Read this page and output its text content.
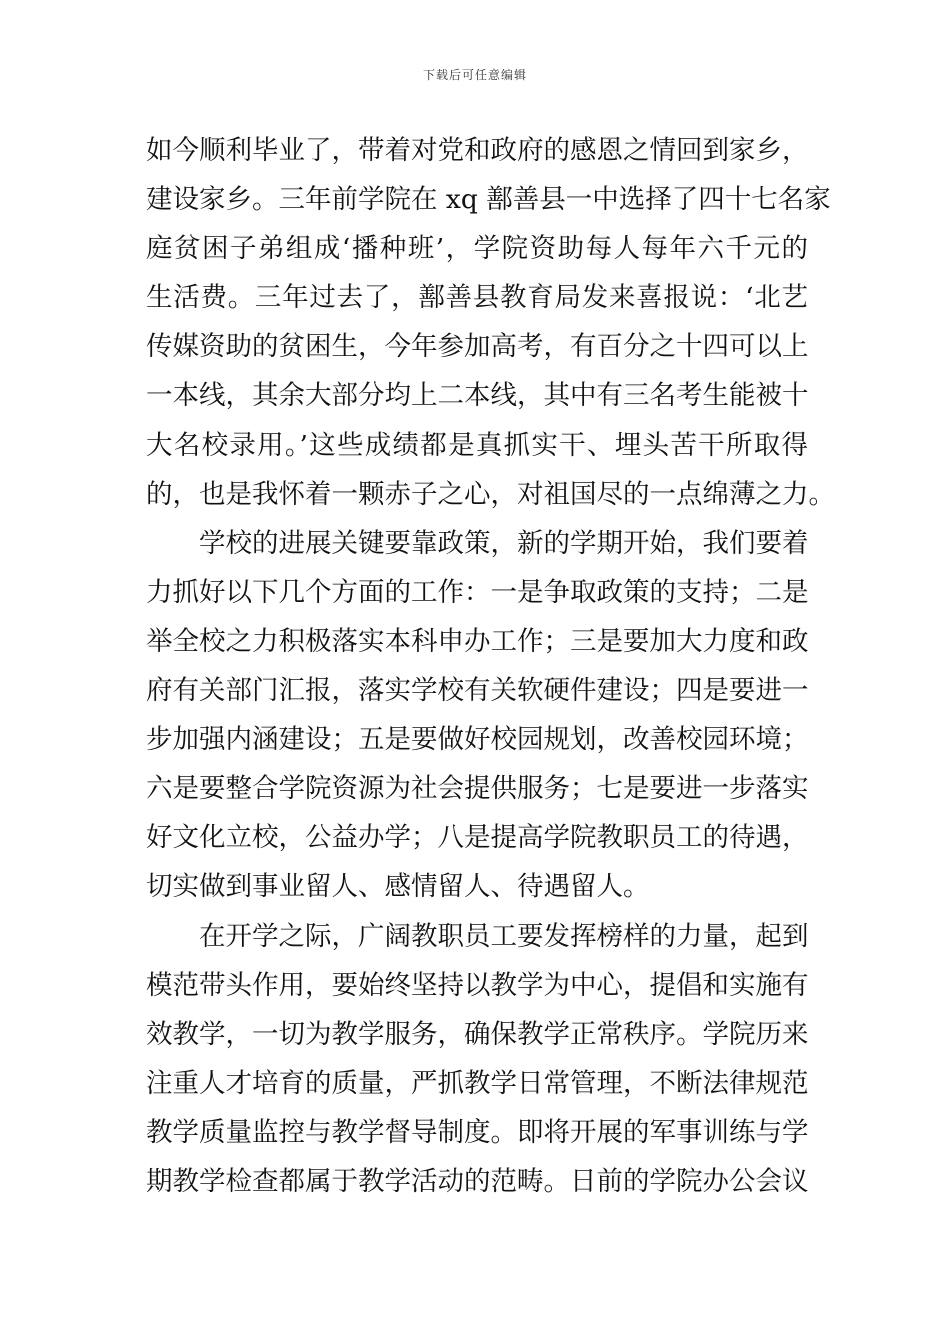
下载后可任意编辑
如今顺利毕业了，带着对党和政府的感恩之情回到家乡，
建设家乡。三年前学院在 xq 鄯善县一中选择了四十七名家
庭贫困子弟组成‘播种班’，学院资助每人每年六千元的
生活费。三年过去了，鄯善县教育局发来喜报说：‘北艺
传媒资助的贫困生，今年参加高考，有百分之十四可以上
一本线，其余大部分均上二本线，其中有三名考生能被十
大名校录用。’这些成绩都是真抓实干、埋头苦干所取得
的，也是我怀着一颗赤子之心，对祖国尽的一点绵薄之力。
　　学校的进展关键要靠政策，新的学期开始，我们要着
力抓好以下几个方面的工作：一是争取政策的支持；二是
举全校之力积极落实本科申办工作；三是要加大力度和政
府有关部门汇报，落实学校有关软硬件建设；四是要进一
步加强内涵建设；五是要做好校园规划，改善校园环境；
六是要整合学院资源为社会提供服务；七是要进一步落实
好文化立校，公益办学；八是提高学院教职员工的待遇，
切实做到事业留人、感情留人、待遇留人。
　　在开学之际，广阔教职员工要发挥榜样的力量，起到
模范带头作用，要始终坚持以教学为中心，提倡和实施有
效教学，一切为教学服务，确保教学正常秩序。学院历来
注重人才培育的质量，严抓教学日常管理，不断法律规范
教学质量监控与教学督导制度。即将开展的军事训练与学
期教学检查都属于教学活动的范畴。日前的学院办公会议
